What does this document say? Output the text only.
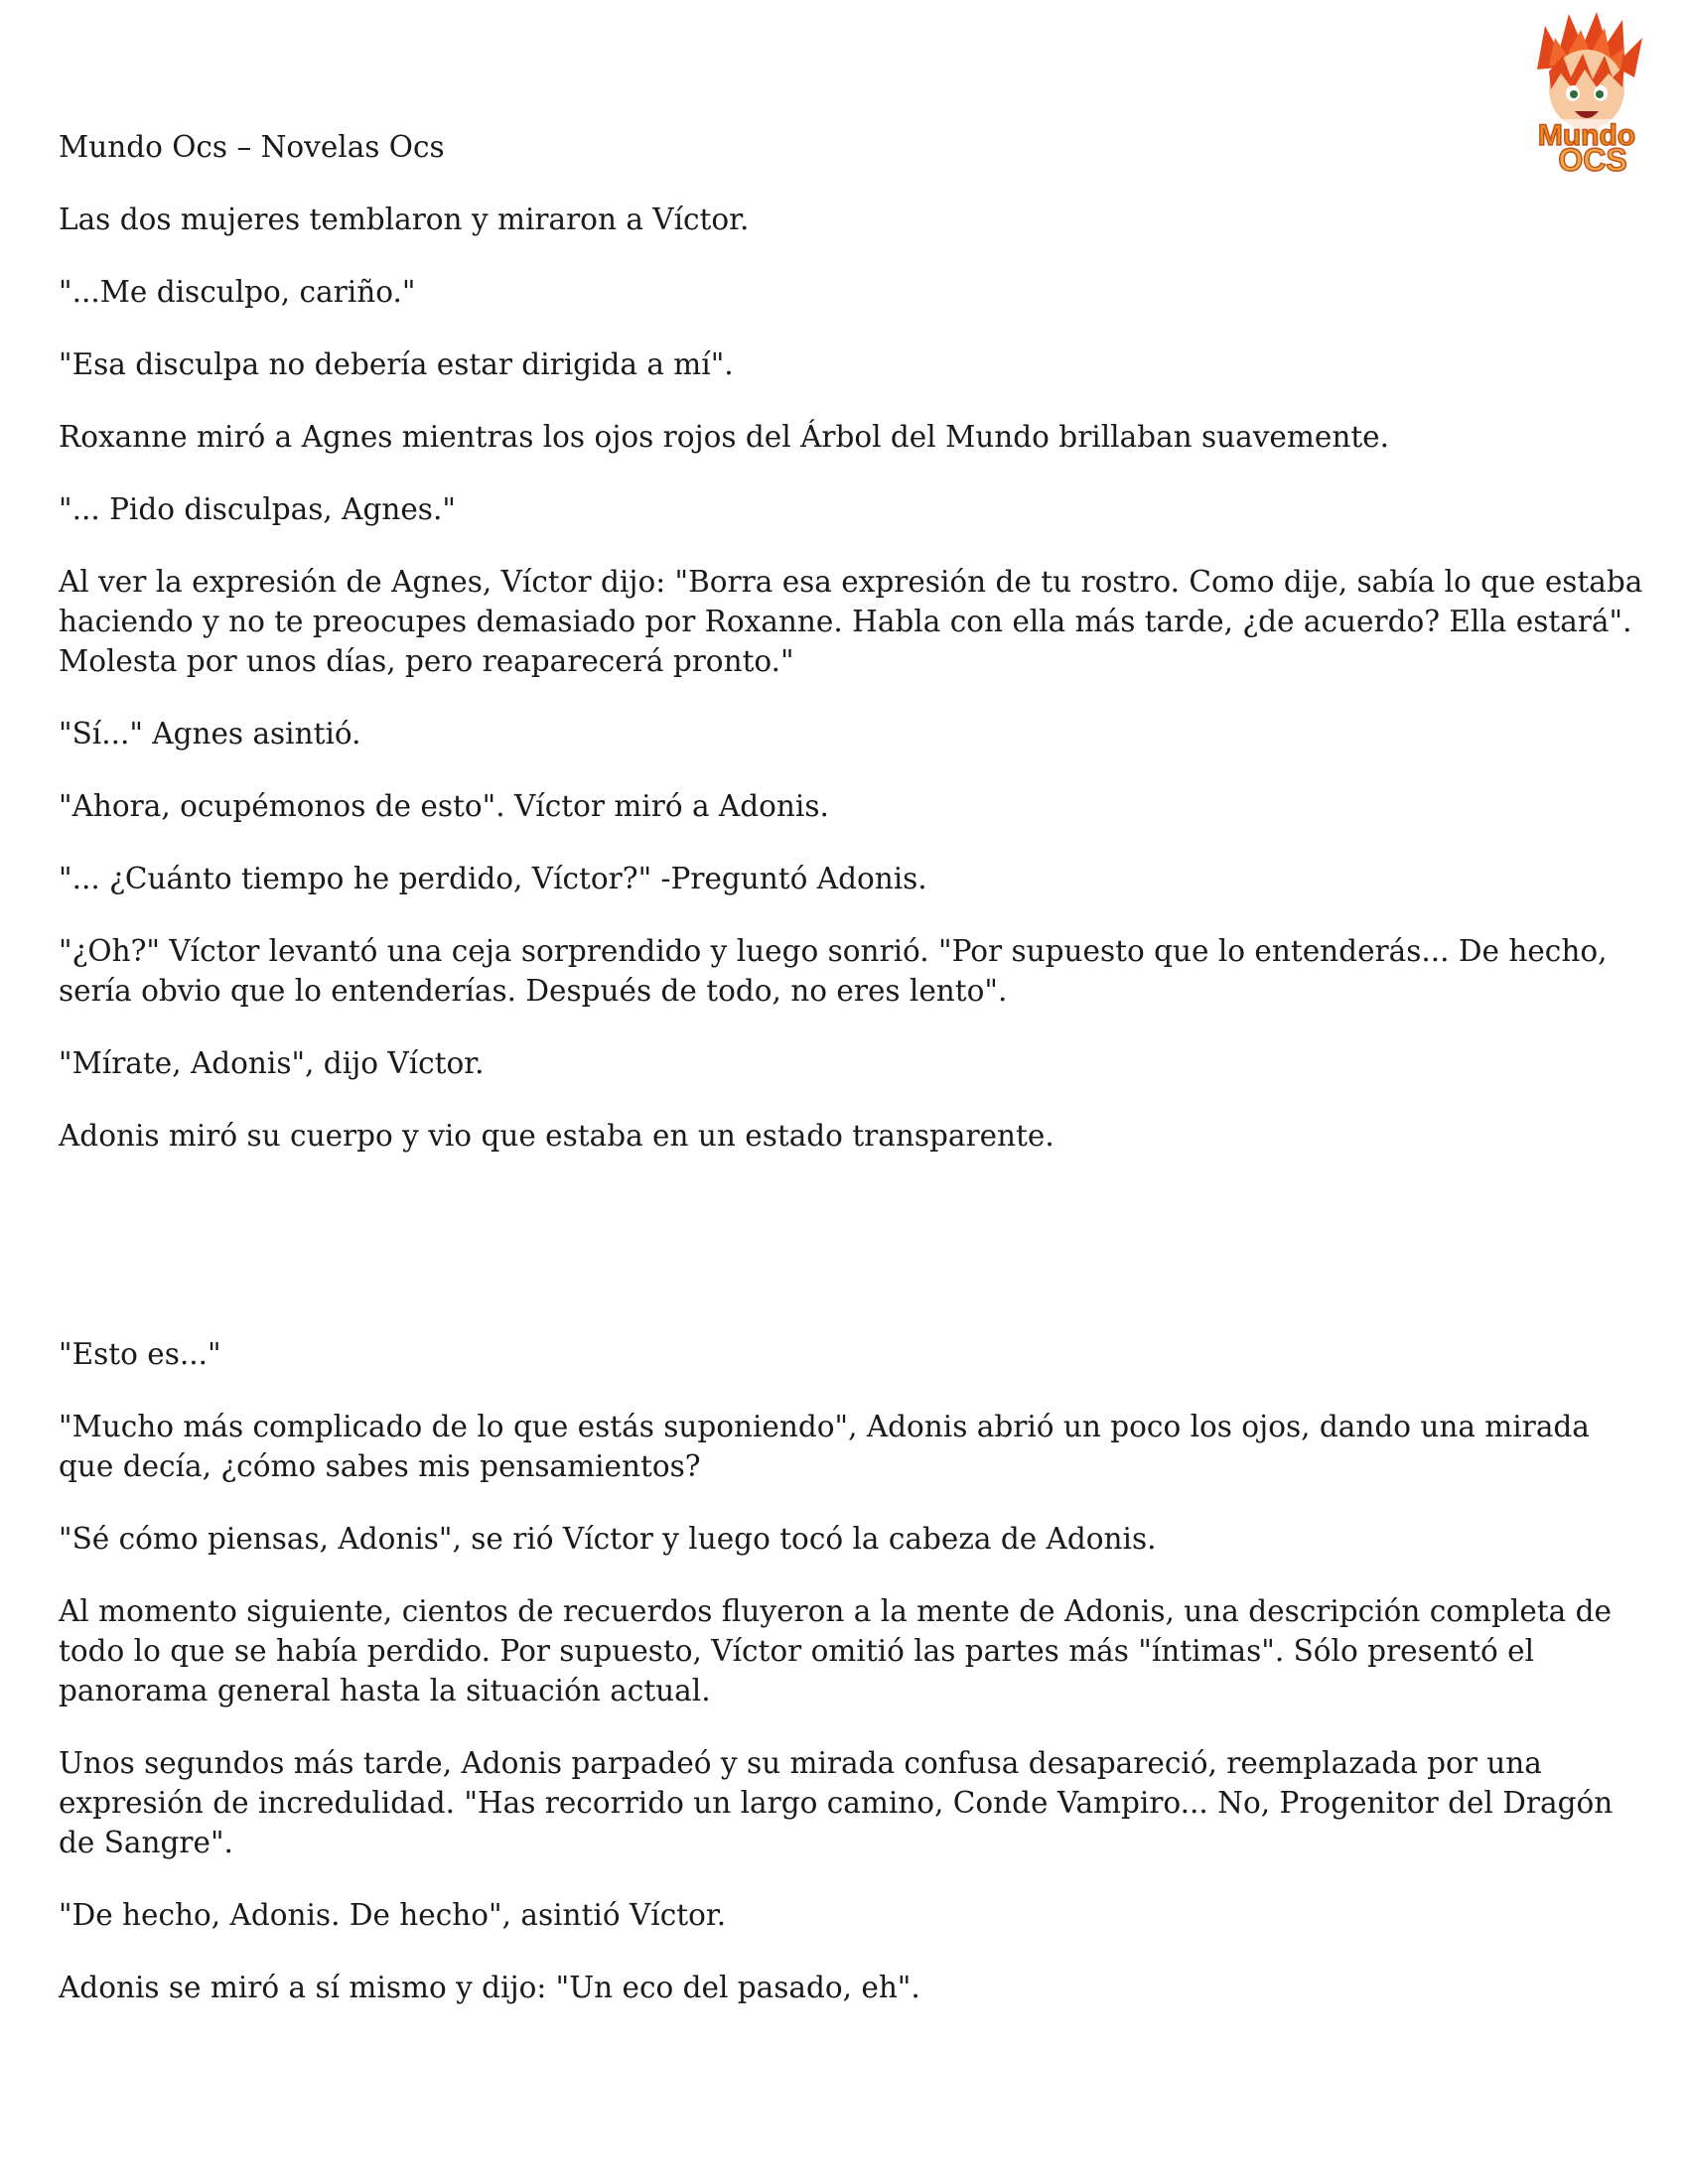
Mundo
OCS

Mundo Ocs – Novelas Ocs

Las dos mujeres temblaron y miraron a Víctor.

"...Me disculpo, cariño."

"Esa disculpa no debería estar dirigida a mí".

Roxanne miró a Agnes mientras los ojos rojos del Árbol del Mundo brillaban suavemente.

"... Pido disculpas, Agnes."

Al ver la expresión de Agnes, Víctor dijo: "Borra esa expresión de tu rostro. Como dije, sabía lo que estaba haciendo y no te preocupes demasiado por Roxanne. Habla con ella más tarde, ¿de acuerdo? Ella estará". Molesta por unos días, pero reaparecerá pronto."

"Sí..." Agnes asintió.

"Ahora, ocupémonos de esto". Víctor miró a Adonis.

"... ¿Cuánto tiempo he perdido, Víctor?" -Preguntó Adonis.

"¿Oh?" Víctor levantó una ceja sorprendido y luego sonrió. "Por supuesto que lo entenderás... De hecho, sería obvio que lo entenderías. Después de todo, no eres lento".

"Mírate, Adonis", dijo Víctor.

Adonis miró su cuerpo y vio que estaba en un estado transparente.

"Esto es..."

"Mucho más complicado de lo que estás suponiendo", Adonis abrió un poco los ojos, dando una mirada que decía, ¿cómo sabes mis pensamientos?

"Sé cómo piensas, Adonis", se rió Víctor y luego tocó la cabeza de Adonis.

Al momento siguiente, cientos de recuerdos fluyeron a la mente de Adonis, una descripción completa de todo lo que se había perdido. Por supuesto, Víctor omitió las partes más "íntimas". Sólo presentó el panorama general hasta la situación actual.

Unos segundos más tarde, Adonis parpadeó y su mirada confusa desapareció, reemplazada por una expresión de incredulidad. "Has recorrido un largo camino, Conde Vampiro... No, Progenitor del Dragón de Sangre".

"De hecho, Adonis. De hecho", asintió Víctor.

Adonis se miró a sí mismo y dijo: "Un eco del pasado, eh".
